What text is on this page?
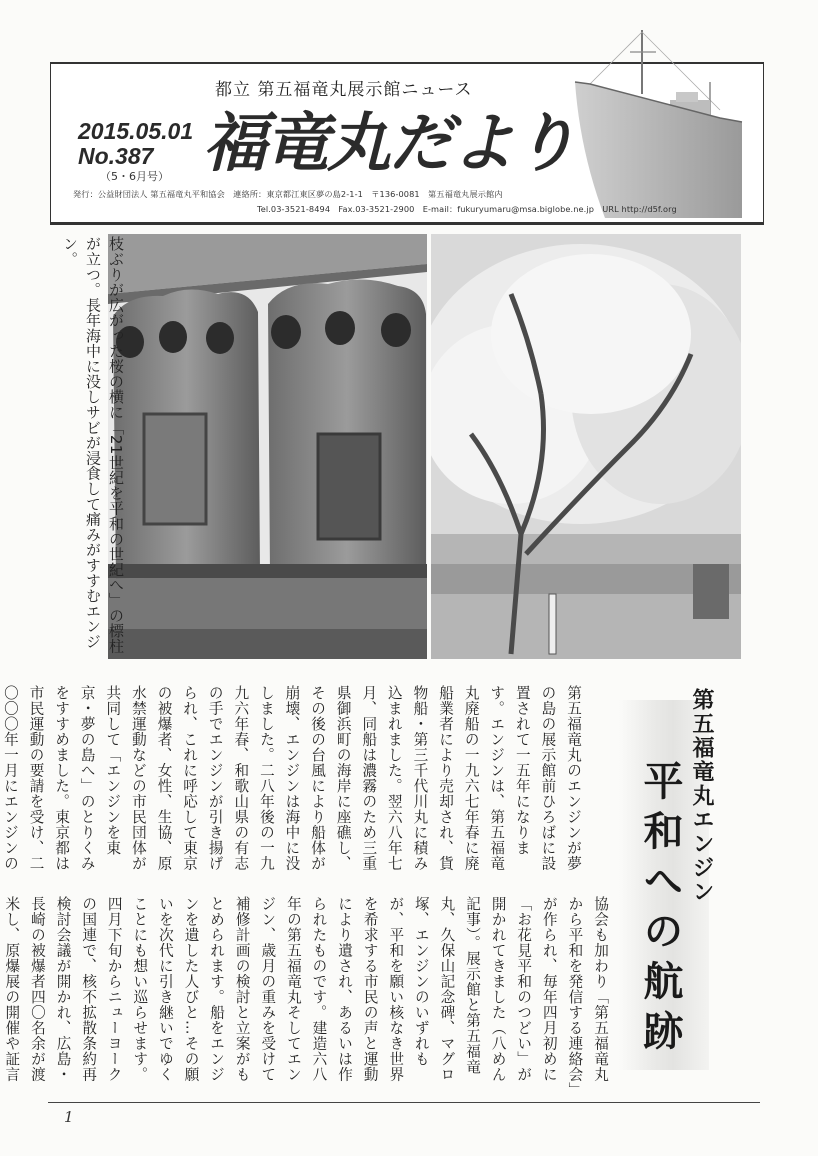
都立 第五福竜丸展示館ニュース
2015.05.01
No.387
（5・6月号） 福竜丸だより
発行：公益財団法人 第五福竜丸平和協会　連絡所：東京都江東区夢の島2-1-1　〒136-0081　第五福竜丸展示館内
Tel.03-3521-8494　Fax.03-3521-2900　E-mail：fukuryumaru@msa.biglobe.ne.jp　URL http://d5f.org
枝ぶりが広がった桜の横に「21世紀を平和の世紀へ」の標柱が立つ。長年海中に没しサビが浸食して痛みがすすむエンジン。
第五福竜丸エンジン
平和への航跡
第五福竜丸のエンジンが夢の島の展示館前ひろばに設置されて一五年になります。エンジンは、第五福竜丸廃船の一九六七年春に廃船業者により売却され、貨物船・第三千代川丸に積み込まれました。翌六八年七月、同船は濃霧のため三重県御浜町の海岸に座礁し、その後の台風により船体が崩壊、エンジンは海中に没しました。二八年後の一九九六年春、和歌山県の有志の手でエンジンが引き揚げられ、これに呼応して東京の被爆者、女性、生協、原水禁運動などの市民団体が共同して「エンジンを東京・夢の島へ」のとりくみをすすめました。東京都は市民運動の要請を受け、二〇〇〇年一月にエンジンの
協会も加わり「第五福竜丸から平和を発信する連絡会」が作られ、毎年四月初めに「お花見平和のつどい」が開かれてきました（八めん記事）。展示館と第五福竜丸、久保山記念碑、マグロ塚、エンジンのいずれもが、平和を願い核なき世界を希求する市民の声と運動により遺され、あるいは作られたものです。建造六八年の第五福竜丸そしてエンジン、歳月の重みを受けて補修計画の検討と立案がもとめられます。船をエンジンを遺した人びと…その願いを次代に引き継いでゆくことにも想い巡らせます。四月下旬からニューヨークの国連で、核不拡散条約再検討会議が開かれ、広島・長崎の被爆者四〇名余が渡米し、原爆展の開催や証言
1
